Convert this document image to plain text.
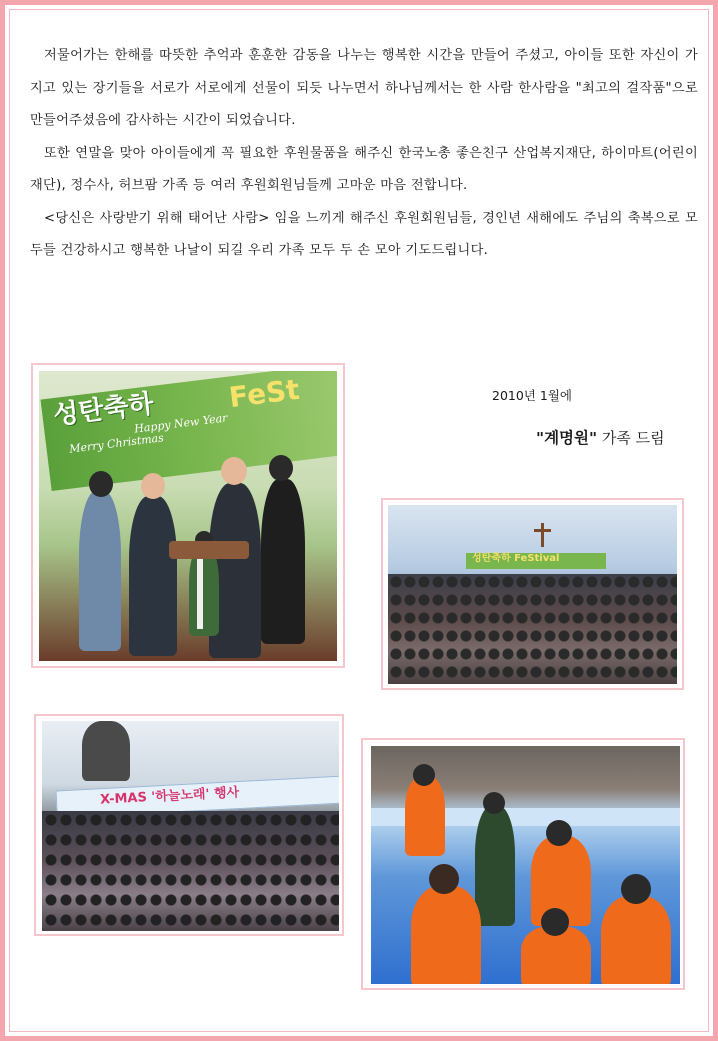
저물어가는 한해를 따뜻한 추억과 훈훈한 감동을 나누는 행복한 시간을 만들어 주셨고, 아이들 또한 자신이 가지고 있는 장기들을 서로가 서로에게 선물이 되듯 나누면서 하나님께서는 한 사람 한사람을 "최고의 걸작품"으로 만들어주셨음에 감사하는 시간이 되었습니다.

또한 연말을 맞아 아이들에게 꼭 필요한 후원물품을 해주신 한국노총 좋은친구 산업복지재단, 하이마트(어린이재단), 정수사, 허브팜 가족 등 여러 후원회원님들께 고마운 마음 전합니다.

<당신은 사랑받기 위해 태어난 사람> 임을 느끼게 해주신 후원회원님들, 경인년 새해에도 주님의 축복으로 모두들 건강하시고 행복한 나날이 되길 우리 가족 모두 두 손 모아 기도드립니다.

2010년 1월에
"계명원" 가족 드림
성탄축하	FeSt
Merry Christmas
Happy New Year
성탄축하 FeStival
X-MAS '하늘노래' 행사
